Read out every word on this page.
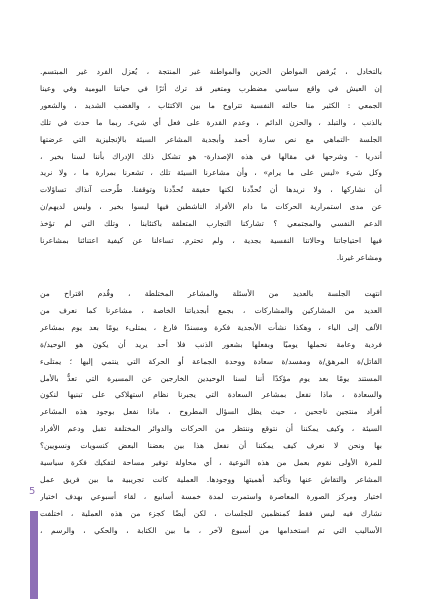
بالتخادل ، يُرفض المواطن الحزين والمواطنة غير المنتجة ، يُعزل الفرد غير المبتسم.
إن العيش في واقع سياسي مضطرب ومتغير قد ترك أثرًا في حياتنا اليومية وفي وعينا
الجمعي : الكثير منا حالته النفسية تتراوح ما بين الاكتئاب ، والغضب الشديد ، والشعور
بالذنب ، والتبلد ، والحزن الدائم ، وعدم القدرة على فعل أي شيء. ربما ما حدث في تلك
الجلسة -التماهي مع نص سارة أحمد وأبجدية المشاعر السيئة بالإنجليزية التي عرضتها
أندريا - وشرحها في مقالها في هذه الإصدارة- هو تشكل ذلك الإدراك بأننا لسنا بخير ،
وكل شيء «ليس على ما يرام» ، وأن مشاعرنا السيئة تلك ، تشعرنا بمرارة ما ، ولا نريد
أن نشاركها ، ولا نريدها أن تُحدِّدنا لكنها حقيقة تُحدِّدنا وتوقفنا. طُرحت آنذاك تساؤلات
عن مدى استمرارية الحركات ما دام الأفراد الناشطين فيها ليسوا بخير ، وليس لديهم/ن
الدعم النفسي والمجتمعي ؟ تشاركنا التجارب المتعلقة باكتئابنا ، وتلك التي لم تؤخذ
فيها احتياجاتنا وحالاتنا النفسية بجدية ، ولم تحترم. تساءلنا عن كيفية اعتنائنا بمشاعرنا
ومشاعر غيرنا.
انتهت الجلسة بالعديد من الأسئلة والمشاعر المختلطة ، وقُدم اقتراح من
العديد من المشاركين والمشاركات ، بجمع أبجدياتنا الخاصة ، مشاعرنا كما نعرف من
الألف إلى الياء ، وهكذا نشأت الأبجدية فكرة ومسندًا فارغ ، يمتلىء يومًا بعد يوم بمشاعر
فردية وعامة نحملها يوميًا وبفعلها بشعور الذنب فلا أحد يريد أن يكون هو الوحيد/ة
القاتل/ة المرهق/ة ومفسد/ة سعادة ووحدة الجماعة أو الحركة التي ينتمي إليها ؛ يمتلىء
المستند يومًا بعد يوم مؤكدًا أننا لسنا الوحيدين الخارجين عن المسيرة التي تعدُّ بالأمل
والسعادة ، ماذا نفعل بمشاعر السعادة التي يجبرنا نظام استهلاكي على تبنيها لنكون
أفراد منتجين ناجحين ، حيث يظل السؤال المطروح ، ماذا نفعل بوجود هذه المشاعر
السيئة ، وكيف يمكننا أن نتوقع وننتظر من الحركات والدوائر المختلفة تقبل ودعم الأفراد
بها ونحن لا نعرف كيف يمكننا أن نفعل هذا بين بعضنا البعض كنسويات ونسويين؟
للمرة الأولى نقوم بعمل من هذه النوعية ، أي محاولة توفير مساحة لتفكيك فكرة سياسية
المشاعر والتقاش عنها وتأكيد أهميتها ووجودها. العملية كانت تجريبية ما بين فريق عمل
اختيار ومركز الصورة المعاصرة واستمرت لمدة خمسة أسابيع ، لقاء أسبوعي بهدف اختيار
نشارك فيه ليس فقط كمنظمين للجلسات ، لكن أيضًا كجزء من هذه العملية ، اختلفت
الأساليب التي تم استخدامها من أسبوع لآخر ، ما بين الكتابة ، والحكي ، والرسم ،
5
